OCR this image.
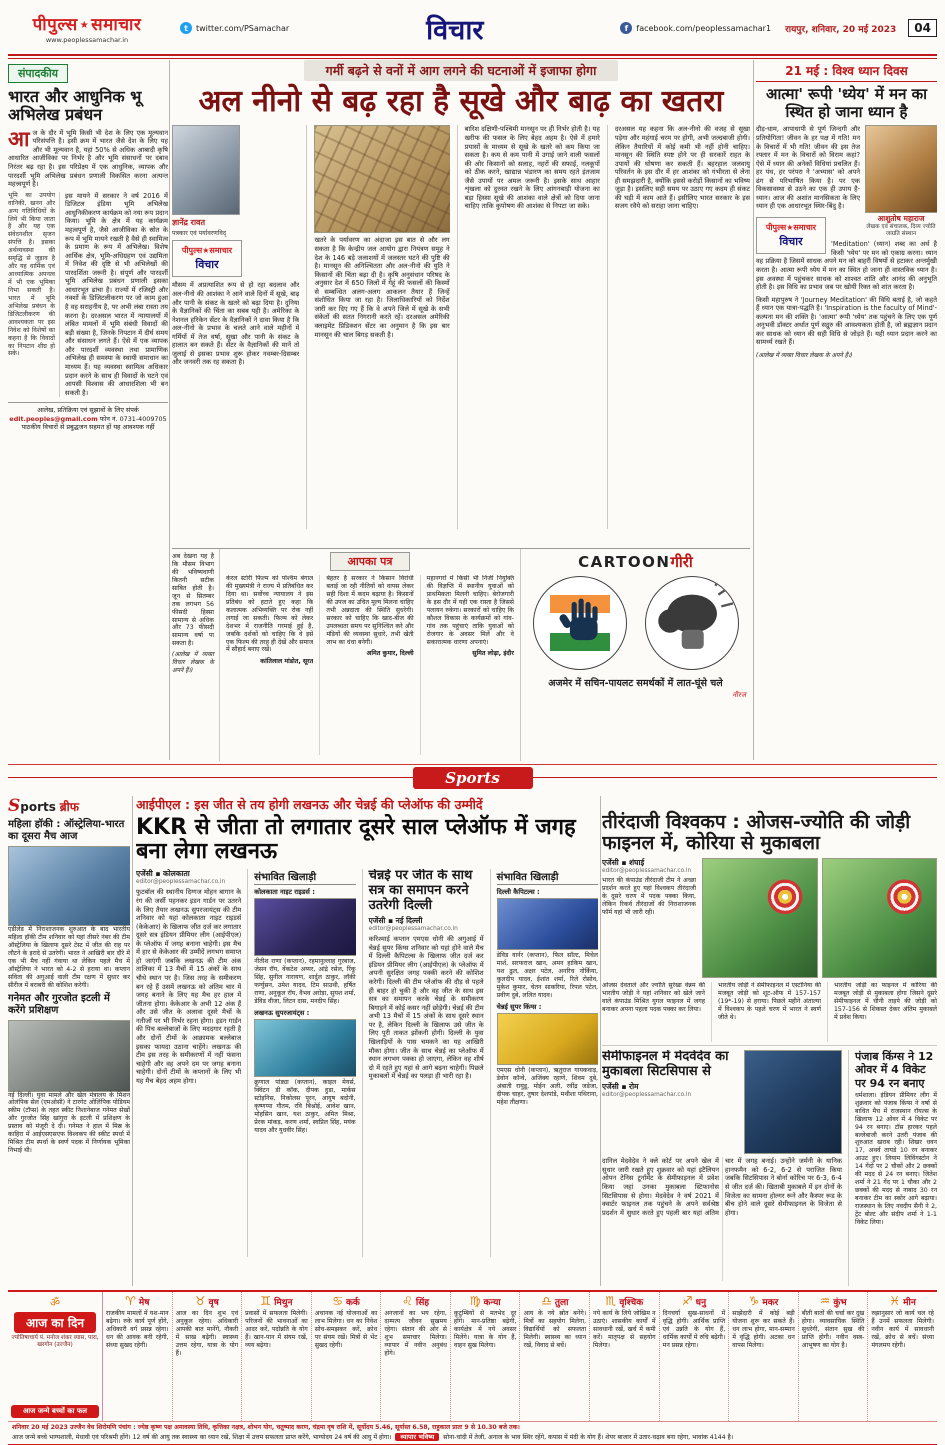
पीपुल्स ★ समाचार
www.peoplessamachar.in
t	twitter.com/PSamachar	विचार	f	facebook.com/peoplessamachar1 रायपुर, शनिवार, 20 मई 2023	04
संपादकीय
भारत और आधुनिक भू अभिलेख प्रबंधन
आज के दौर में भूमि किसी भी देश के लिए एक मूल्यवान परिसंपत्ति है। इसी क्रम में भारत जैसे देश के लिए यह और भी मूल्यवान है, यहां 50% से अधिक आबादी कृषि आधारित आजीविका पर निर्भर है और भूमि संसाधनों पर दबाव निरंतर बढ़ रहा है। इस परिप्रेक्ष्य में एक आधुनिक, व्यापक और पारदर्शी भूमि अभिलेख प्रबंधन प्रणाली विकसित करना अत्यन्त महत्त्वपूर्ण है।
भूमि का उपयोग वानिकी, खनन और अन्य गतिविधियों के लिये भी किया जाता है और यह एक संवेदनशील सृजन संपत्ति है। इसका अर्थव्यवस्था की समृद्धि से जुड़ाव है और यह धार्मिक एवं आध्यात्मिक अपनत्व में भी एक भूमिका निभा सकती है। भारत में भूमि अभिलेख प्रबंधन के डिजिटलीकरण की आवश्यकता पर इस निवेश को विशेषों का कहना है कि विवादों का निपटान शीघ्र हो सके।
इस मायने में सरकार ने वर्ष 2016 में डिजिटल इंडिया भूमि अभिलेख आधुनिकीकरण कार्यक्रम को नया रूप प्रदान किया। भूमि के क्षेत्र में यह कार्यक्रम महत्वपूर्ण है, जैसे आजीविका के स्रोत के रूप में भूमि मायने रखती है वैसे ही स्वामित्व के प्रमाण के रूप में अभिलेख। विशेष आर्थिक क्षेत्र, भूमि-अधिग्रहण एवं उद्यमिता में निवेश की दृष्टि से भी अभिलेखों की पारदर्शिता जरूरी है। संपूर्ण और पारदर्शी भूमि अभिलेख प्रबंधन प्रणाली इसका आधारभूत ढांचा है। राज्यों में रजिस्ट्री और नक्शों के डिजिटलीकरण पर जो काम हुआ है वह सराहनीय है, पर अभी लंबा रास्ता तय करना है। दरअसल भारत में न्यायालयों में लंबित मामलों में भूमि संबंधी विवादों की बड़ी संख्या है, जिनके निपटान में दीर्घ समय और संसाधन लगते हैं। ऐसे में एक व्यापक और पारदर्शी व्यवस्था तथा प्रामाणिक अभिलेख ही समस्या के स्थायी समाधान का माध्यम हैं। यह व्यवस्था स्वामित्व अधिकार प्रदान करने के साथ ही विवादों के घटने एवं आपसी विश्वास की आधारशिला भी बन सकती है।
आलेख, प्रतिक्रिया एवं सुझावों के लिए संपर्क edit.peoples@gmail.com फोन नं. 0731-4009705
पाठकीय विचारों से प्रबुद्धजन सहमत हों यह आवश्यक नहीं
गर्मी बढ़ने से वनों में आग लगने की घटनाओं में इजाफा होगा
अल नीनो से बढ़ रहा है सूखे और बाढ़ का खतरा
ज्ञानेंद्र रावत
पत्रकार एवं पर्यावरणविद्
पीपुल्स★समाचार
विचार
मौसम में अप्रत्याशित रूप से हो रहा बदलाव और अल-नीनो की आशंका ने आने वाले दिनों में सूखे, बाढ़ और पानी के संकट के खतरे को बढ़ा दिया है। दुनिया के वैज्ञानिकों की चिंता का सबब यही है। अमेरिका के नेशनल हरिकेन सेंटर के वैज्ञानिकों ने दावा किया है कि अल-नीनो के प्रभाव के चलते आने वाले महीनों में गर्मियों में तेज वर्षा, सूखा और पानी के संकट के हालात बन सकते हैं। सेंटर के वैज्ञानिकों की मानें तो जुलाई से इसका प्रभाव शुरू होकर नवम्बर-दिसम्बर और जनवरी तक रह सकता है।
खतरे के पर्यावरण का अंदाजा इस बात से और लग सकता है कि केन्द्रीय जल आयोग द्वारा नियंत्रण समूह ने देश के 146 बड़े जलाशयों में जलस्तर घटने की पुष्टि की है। मानसून की अनिश्चितता और अल-नीनो की युति ने किसानों की चिंता बढ़ा दी है। कृषि अनुसंधान परिषद के अनुसार देश में 650 जिलों में गेहूं की फसलों की किस्मों से सम्बन्धित अलग-अलग आकलन तैयार हैं जिन्हें संशोधित किया जा रहा है। जिलाधिकारियों को निर्देश जारी कर दिए गए हैं कि वे अपने जिले में सूखे के सभी संकेतों की सतत निगरानी करते रहें। दरअसल अमेरिकी क्लाइमेट प्रिडिक्शन सेंटर का अनुमान है कि इस बार मानसून की चाल बिगड़ सकती है।
बारिश दक्षिणी-पश्चिमी मानसून पर ही निर्भर होती है। यह खरीफ की फसल के लिए बेहद अहम है। ऐसे में हमारे प्रयासों के माध्यम से सूखे के खतरे को कम किया जा सकता है। कम से कम पानी में उगाई जाने वाली फसलों की ओर किसानों को सलाह, नहरों की सफाई, नलकूपों को ठीक करने, खाद्यान्न भंडारण का समय रहते इंतजाम जैसे उपायों पर अमल जरूरी है। इसके साथ आहार शृंखला को दुरुस्त रखने के लिए आंगनबाड़ी योजना का बड़ा हिस्सा सूखे की आशंका वाले क्षेत्रों को दिया जाना चाहिए ताकि कुपोषण की आशंका से निपटा जा सके।
दरअसल यह कहना कि अल-नीनो की वजह से सूखा पड़ेगा और महंगाई चरम पर होगी, अभी जल्दबाजी होगी। लेकिन तैयारियों में कोई कमी भी नहीं होनी चाहिए। मानसून की स्थिति स्पष्ट होने पर ही सरकारें राहत के उपायों की घोषणा कर सकती हैं। बहरहाल जलवायु परिवर्तन के इस दौर में हर आशंका को गंभीरता से लेना ही समझदारी है, क्योंकि इससे करोड़ों किसानों का भविष्य जुड़ा है। इसलिए सही समय पर उठाए गए कदम ही संकट की घड़ी में काम आते हैं। इसीलिए भारत सरकार के इस सजग रवैये को सराहा जाना चाहिए।
अब देखना यह है कि मौसम विभाग की भविष्यवाणी कितनी सटीक साबित होती है। जून से सितम्बर तक लगभग 56 फीसदी हिस्सा सामान्य से अधिक और 73 फीसदी सामान्य वर्षा पा सकता है।
(आलेख में व्यक्त विचार लेखक के अपने हैं।)
आपका पत्र
केरल स्टोरी फिल्म को पश्चिम बंगाल की मुख्यमंत्री ने राज्य में प्रतिबंधित कर दिया था। सर्वोच्च न्यायालय ने इस प्रतिबंध को हटाते हुए कहा कि कलात्मक अभिव्यक्ति पर रोक नहीं लगाई जा सकती। फिल्म को लेकर देशभर में राजनीति गरमाई हुई है, जबकि दर्शकों को चाहिए कि वे इसे एक फिल्म की तरह ही देखें और समाज में सौहार्द बनाए रखें।
कांतिलाल मांडोत, सूरत
बेहतर है सरकार ने किसान विरोधी बताई जा रही नीतियों को वापस लेकर सही दिशा में कदम बढ़ाया है। किसानों की उपज का उचित मूल्य मिलना चाहिए तभी अन्नदाता की स्थिति सुधरेगी। सरकार को चाहिए कि खाद-बीज की उपलब्धता समय पर सुनिश्चित करे और मंडियों की व्यवस्था सुधारे, तभी खेती लाभ का धंधा बनेगी।
अमित कुमार, दिल्ली
महानगरों में किसी भी निजी नियुक्ति की विज्ञप्ति में स्थानीय युवाओं को प्राथमिकता मिलनी चाहिए। बेरोजगारी के इस दौर में यही एक रास्ता है जिससे पलायन रुकेगा। सरकारों को चाहिए कि कौशल विकास के कार्यक्रमों को गांव-गांव तक पहुंचाएं ताकि युवाओं को रोजगार के अवसर मिलें और वे सकारात्मक धारणा अपनाएं।
सुमित लोढ़ा, इंदौर
CARTOONगीरी
अजमेर में सचिन-पायलट समर्थकों में लात-घूंसे चले
नीरज
21 मई : विश्व ध्यान दिवस
आत्मा' रूपी 'ध्येय' में मन का स्थित हो जाना ध्यान है
आशुतोष महाराज
लेखक एवं संचालक, दिव्य ज्योति जाग्रति संस्थान

दौड़-धाम, आपाधापी से पूर्ण जिन्दगी और प्रतियोगिता! जीवन के हर पक्ष में गति! मन के विचारों में भी गति! जीवन की इस तेज रफ्तार में मन के विचारों को विराम कहां? ऐसे में ध्यान की अनेकों विधियां प्रचलित हैं। हर पंथ, हर परंपरा ने 'अभ्यास' को अपने ढंग से परिभाषित किया है। पर एक विकसावस्था से उठने का एक ही उपाय है- ध्यान। आज की अशांत मानसिकता के लिए ध्यान ही एक आधारभूत स्थिर-बिंदु है।

पीपुल्स★समाचार
विचार	'Meditation' (ध्यान) शब्द का अर्थ है किसी 'ध्येय' पर मन को एकाग्र करना। ध्यान वह प्रक्रिया है जिसमें साधक अपने मन को बाहरी विषयों से हटाकर अन्तर्मुखी करता है। आत्मा रूपी ध्येय में मन का स्थित हो जाना ही वास्तविक ध्यान है। इस अवस्था में पहुंचकर साधक को शाश्वत शांति और आनंद की अनुभूति होती है। इस विधि का प्रभाव जब पर खोयी रिक्त को शांत करता है।

किसी महापुरुष ने 'Journey Meditation' की विधि बताई है, जो कहते हैं ध्यान एक यात्रा-पद्धति है। 'Inspiration is the faculty of Mind'- कल्पना मन की शक्ति है। 'आत्मा' रूपी 'ध्येय' तक पहुंचने के लिए एक पूर्ण अनुभवी डॉक्टर अर्थात पूर्ण सद्गुरु की आवश्यकता होती है, जो ब्रह्मज्ञान प्रदान कर साधक को ध्यान की सही विधि से जोड़ते हैं। यही ध्यान प्रदान करने का सामर्थ्य रखते हैं।

(आलेख में व्यक्त विचार लेखक के अपने हैं।)
Sports
Sports ब्रीफ
महिला हॉकी : ऑस्ट्रेलिया-भारत का दूसरा मैच आज
एडीलेड में निराशाजनक शुरुआत के बाद भारतीय महिला हॉकी टीम शनिवार को यहां तीसरे नंबर की टीम ऑस्ट्रेलिया के खिलाफ दूसरे टेस्ट में जीत की राह पर लौटने के इरादे से उतरेगी। भारत ने आखिरी बार दौरे में एक भी मैच नहीं गंवाया था लेकिन पहले मैच में ऑस्ट्रेलिया ने भारत को 4-2 से हराया था। कप्तान सविता की अगुआई वाली टीम रक्षण में सुधार कर सीरीज में बराबरी की कोशिश करेगी।
गनेमत और गुरजोत इटली में करेंगे प्रशिक्षण
नई दिल्ली। युवा मामले और खेल मंत्रालय के मिशन ओलंपिक सेल (एमओसी) ने टारगेट ओलिंपिक पोडियम स्कीम (टॉप्स) के तहत स्कीट निशानेबाज गनेमत सेखों और गुरजोत सिंह खांगुरा के इटली में प्रशिक्षण के प्रस्ताव को मंजूरी दे दी। गनेमत ने हाल में मिस्र के काहिरा में आईएसएसएफ विश्वकप की स्कीट स्पर्धा में मिश्रित टीम स्पर्धा के स्वर्ण पदक में निर्णायक भूमिका निभाई थी।
आईपीएल : इस जीत से तय होगी लखनऊ और चेन्नई की प्लेऑफ की उम्मीदें
KKR से जीता तो लगातार दूसरे साल प्लेऑफ में जगह बना लेगा लखनऊ
एजेंसी ▪ कोलकाता
editor@peoplessamachar.co.in
फुटबॉल की स्थानीय दिग्गज मोहन बागान के रंग की जर्सी पहनकर इडन गार्डन पर उतरने के लिए तैयार लखनऊ सुपरजायंट्स की टीम शनिवार को यहां कोलकाता नाइट राइडर्स (केकेआर) के खिलाफ जीत दर्ज कर लगातार दूसरे सत्र इंडियन प्रीमियर लीग (आईपीएल) के प्लेऑफ में जगह बनाना चाहेगी। इस मैच में हार से केकेआर की उम्मीदें लगभग समाप्त हो जाएंगी जबकि लखनऊ की टीम अंक तालिका में 13 मैचों में 15 अंकों के साथ चौथे स्थान पर है। जिस तरह के समीकरण बन रहे हैं उसमें लखनऊ को अंतिम चार में जगह बनाने के लिए यह मैच हर हाल में जीतना होगा। केकेआर के अभी 12 अंक हैं और उसे जीत के अलावा दूसरे मैचों के नतीजों पर भी निर्भर रहना होगा। इडन गार्डन की पिच बल्लेबाजों के लिए मददगार रहती है और दोनों टीमों के आक्रामक बल्लेबाज इसका फायदा उठाना चाहेंगे। लखनऊ की टीम इस तरह के समीकरणों में नहीं फंसना चाहेगी और वह अपने दम पर जगह बनाना चाहेगी। दोनों टीमों के कप्तानों के लिए भी यह मैच बेहद अहम होगा।
संभावित खिलाड़ी
कोलकाता नाइट राइडर्स :
नीतीश राणा (कप्तान), रहमानुल्लाह गुरबाज, जेसन रॉय, वेंकटेश अय्यर, आंद्रे रसेल, रिंकू सिंह, सुनील नारायण, शार्दुल ठाकुर, लॉकी फर्ग्युसन, उमेश यादव, टिम साउथी, हर्षित राणा, अनुकूल रॉय, वैभव अरोड़ा, सुयश शर्मा, डेविड वीजा, लिटन दास, मनदीप सिंह।
लखनऊ सुपरजायंट्स :
क्रुणाल पांड्या (कप्तान), काइल मेयर्स, क्विंटन डी कॉक, दीपक हुडा, मार्कस स्टोइनिस, निकोलस पूरन, आयुष बदोनी, कृष्णप्पा गौतम, रवि बिश्नोई, आवेश खान, मोहसिन खान, यश ठाकुर, अमित मिश्रा, प्रेरक मांकड़, करण शर्मा, स्वप्निल सिंह, मयंक यादव और युधवीर सिंह।
चेन्नई पर जीत के साथ सत्र का समापन करने उतरेगी दिल्ली
एजेंसी ▪ नई दिल्ली
editor@peoplessamachar.co.in
करिश्माई कप्तान एमएस धोनी की अगुआई में चेन्नई सुपर किंग्स शनिवार को यहां होने वाले मैच में दिल्ली कैपिटल्स के खिलाफ जीत दर्ज कर इंडियन प्रीमियर लीग (आईपीएल) के प्लेऑफ में अपनी सुरक्षित जगह पक्की करने की कोशिश करेगी। दिल्ली की टीम प्लेऑफ की दौड़ से पहले ही बाहर हो चुकी है और वह जीत के साथ इस सत्र का समापन करके चेन्नई के समीकरण बिगाड़ने में कोई कसर नहीं छोड़ेगी। चेन्नई की टीम अभी 13 मैचों में 15 अंकों के साथ दूसरे स्थान पर है, लेकिन दिल्ली के खिलाफ उसे जीत के लिए पूरी ताकत झोंकनी होगी। दिल्ली के युवा खिलाड़ियों के पास चमकने का यह आखिरी मौका होगा। जीत के साथ चेन्नई का प्लेऑफ में स्थान लगभग पक्का हो जाएगा, लेकिन वह शीर्ष दो में रहते हुए यहां से आगे बढ़ना चाहेगी। पिछले मुकाबलों में चेन्नई का पलड़ा ही भारी रहा है।
संभावित खिलाड़ी
दिल्ली कैपिटल्स :
डेविड वार्नर (कप्तान), फिल सॉल्ट, मिचेल मार्श, सरफराज खान, अमन हाकिम खान, यश ढुल, अक्षर पटेल, अनरिच नोर्किया, कुलदीप यादव, ईशांत शर्मा, रिले रोसोव, मुकेश कुमार, चेतन साकरिया, रिपल पटेल, प्रवीण दुबे, ललित यादव।
चेन्नई सुपर किंग्स :
एमएस धोनी (कप्तान), ऋतुराज गायकवाड़, डेवोन कॉन्वे, अजिंक्य रहाणे, शिवम दुबे, अंबाती रायुडू, मोईन अली, रवींद्र जडेजा, दीपक चाहर, तुषार देशपांडे, मथीशा पथिराना, महेश तीक्षणा।
तीरंदाजी विश्वकप : ओजस-ज्योति की जोड़ी फाइनल में, कोरिया से मुकाबला
एजेंसी ▪ शंघाई
editor@peoplessamachar.co.in
भारत की कंपाउंड तीरंदाजी टीम ने अच्छा प्रदर्शन करते हुए यहां विश्वकप तीरंदाजी के दूसरे चरण में पदक पक्का किया, लेकिन रिकर्व तीरंदाजों की निराशाजनक फॉर्म यहां भी जारी रही।
ओजस देवताले और ज्योति सुरेखा वेन्नम की भारतीय जोड़ी ने यहां शनिवार को खेले जाने वाले कंपाउंड मिश्रित युगल फाइनल में जगह बनाकर अपना पहला पदक पक्का कर लिया।
भारतीय जोड़ी ने सेमीफाइनल में एस्टोनिया की मजबूत जोड़ी को शूट-ऑफ में 157-157 (19*-19) से हराया। पिछले महीने अंताल्या में विश्वकप के पहले चरण में भारत ने स्वर्ण जीते थे।
भारतीय जोड़ी का फाइनल में कोरिया की मजबूत जोड़ी से मुकाबला होगा जिसने दूसरे सेमीफाइनल में चीनी ताइपे की जोड़ी को 157-156 से शिकस्त देकर अंतिम मुकाबले में प्रवेश किया।
सेमीफाइनल में मेदवेदेव का मुकाबला सिटसिपास से
एजेंसी ▪ रोम
editor@peoplessamachar.co.in
दानिल मेदवेदेव ने क्ले कोर्ट पर अपने खेल में सुधार जारी रखते हुए शुक्रवार को यहां इटैलियन ओपन टेनिस टूर्नामेंट के सेमीफाइनल में प्रवेश किया जहां उनका मुकाबला स्टिफानोस सिटसिपास से होगा। मेदवेदेव ने वर्ष 2021 में क्वार्टर फाइनल तक पहुंचने के अपने सर्वश्रेष्ठ प्रदर्शन में सुधार करते हुए पहली बार यहां अंतिम चार में जगह बनाई। उन्होंने जर्मनी के यानिक हानफमैन को 6-2, 6-2 से पराजित किया जबकि सिटसिपास ने बोर्ना कोरिच पर 6-3, 6-4 से जीत दर्ज की। खिताबी मुकाबले में इन दोनों के विजेता का सामना होल्गर रूने और कैस्पर रूड के बीच होने वाले दूसरे सेमीफाइनल के विजेता से होगा।
पंजाब किंग्स ने 12 ओवर में 4 विकेट पर 94 रन बनाए
धर्मशाला। इंडियन प्रीमियर लीग में शुक्रवार को पंजाब किंग्स ने वर्षा से बाधित मैच में राजस्थान रॉयल्स के खिलाफ 12 ओवर में 4 विकेट पर 94 रन बनाए। टॉस हारकर पहले बल्लेबाजी करने उतरी पंजाब की शुरुआत खराब रही। शिखर धवन 17, अथर्व तायडे 10 रन बनाकर आउट हुए। लियाम लिविंगस्टोन ने 14 गेंदों पर 2 चौकों और 2 छक्कों की मदद से 24 रन बनाए। जितेश शर्मा ने 21 गेंद पर 1 चौका और 2 छक्कों की मदद से नाबाद 30 रन बनाकर टीम का स्कोर आगे बढ़ाया। राजस्थान के लिए नवदीप सैनी ने 2, ट्रेंट बोल्ट और संदीप शर्मा ने 1-1 विकेट लिया।
ॐ
आज का दिन
ज्योतिषाचार्य पं. मनोज शंकर व्यास, पारा, खरगोन (उज्जैन)
आज जन्मे बच्चों का फल
♈ मेष
राजकीय मामलों में यश-मान बढ़ेगा। रुके कार्य पूर्ण होंगे, अधिकारी वर्ग प्रसन्न रहेगा। धन की आवक बनी रहेगी, संध्या सुखद रहेगी।
♉ वृष
आज का दिन शुभ एवं अनुकूल रहेगा। अधिकारी आपकी बात मानेंगे, नौकरी में साख बढ़ेगी। स्वास्थ्य उत्तम रहेगा, यात्रा के योग हैं।
♊ मिथुन
प्रवासों में सफलता मिलेगी। परिजनों की भावनाओं का आदर करें, पदोन्नति के योग हैं। खान-पान में संयम रखें, व्यय बढ़ेगा।
♋ कर्क
अचानक नई योजनाओं का लाभ मिलेगा। धन का निवेश सोच-समझकर करें, क्रोध पर संयम रखें। मित्रों से भेंट सुखद रहेगी।
♌ सिंह
अनजानों का भय रहेगा, दाम्पत्य जीवन सुखमय रहेगा। संतान की ओर से शुभ समाचार मिलेगा। व्यापार में नवीन अनुबंध होंगे।
♍ कन्या
कुटुम्बियों से मतभेद दूर होंगे। मान-प्रतिष्ठा बढ़ेगी, कार्यक्षेत्र में नये अवसर मिलेंगे। यात्रा के योग हैं, वाहन सुख मिलेगा।
♎ तुला
आय के नये स्रोत बनेंगे। मित्रों का सहयोग मिलेगा, विद्यार्थियों को सफलता मिलेगी। स्वास्थ्य का ध्यान रखें, विवाद से बचें।
♏ वृश्चिक
नये कार्य के लिये जोखिम न उठाएं। शासकीय कार्यों में सावधानी रखें, खर्च में कमी करें। मातृपक्ष से सहयोग मिलेगा।
♐ धनु
दिनचर्या सुख-साधनों में वृद्धि होगी। आर्थिक प्राप्ति एवं उन्नति के योग हैं, धार्मिक कार्यों में रुचि बढ़ेगी। मन प्रसन्न रहेगा।
♑ मकर
साझेदारी में कोई बड़ी योजना शुरू कर सकते हैं। धन लाभ होगा, मान-सम्मान में वृद्धि होगी। अटका धन वापस मिलेगा।
♒ कुंभ
बीती बातों की चर्चा कर दुख होगा। व्यावसायिक स्थिति सुधरेगी, संतान सुख की प्राप्ति होगी। नवीन वस्त्र-आभूषण का योग है।
♓ मीन
रुझानुसार जो कार्य चल रहे हैं उनमें सफलता मिलेगी। नवीन कार्य में सावधानी रखें, क्रोध से बचें। संध्या मंगलमय रहेगी।
शनिवार 20 मई 2023 उज्जैन वेध शिरोमणि पंचांग : ज्येष्ठ कृष्ण पक्ष अमावस्या तिथि, कृत्तिका नक्षत्र, शोभन योग, चतुष्पाद करण, चंद्रमा वृष राशि में, सूर्योदय 5.46, सूर्यास्त 6.58, राहुकाल प्रातः 9 से 10.30 बजे तक।
आज जन्मे बच्चे भाग्यशाली, मेधावी एवं परिश्रमी होंगे। 12 वर्ष की आयु तक स्वास्थ्य का ध्यान रखें, शिक्षा में उत्तम सफलता प्राप्त करेंगे, भाग्योदय 24 वर्ष की आयु में होगा। व्यापार भविष्य सोना-चांदी में तेजी, अनाज के भाव स्थिर रहेंगे, कपास में मंदी के योग हैं। शेयर बाजार में उतार-चढ़ाव बना रहेगा, भावांक 4144 है।
